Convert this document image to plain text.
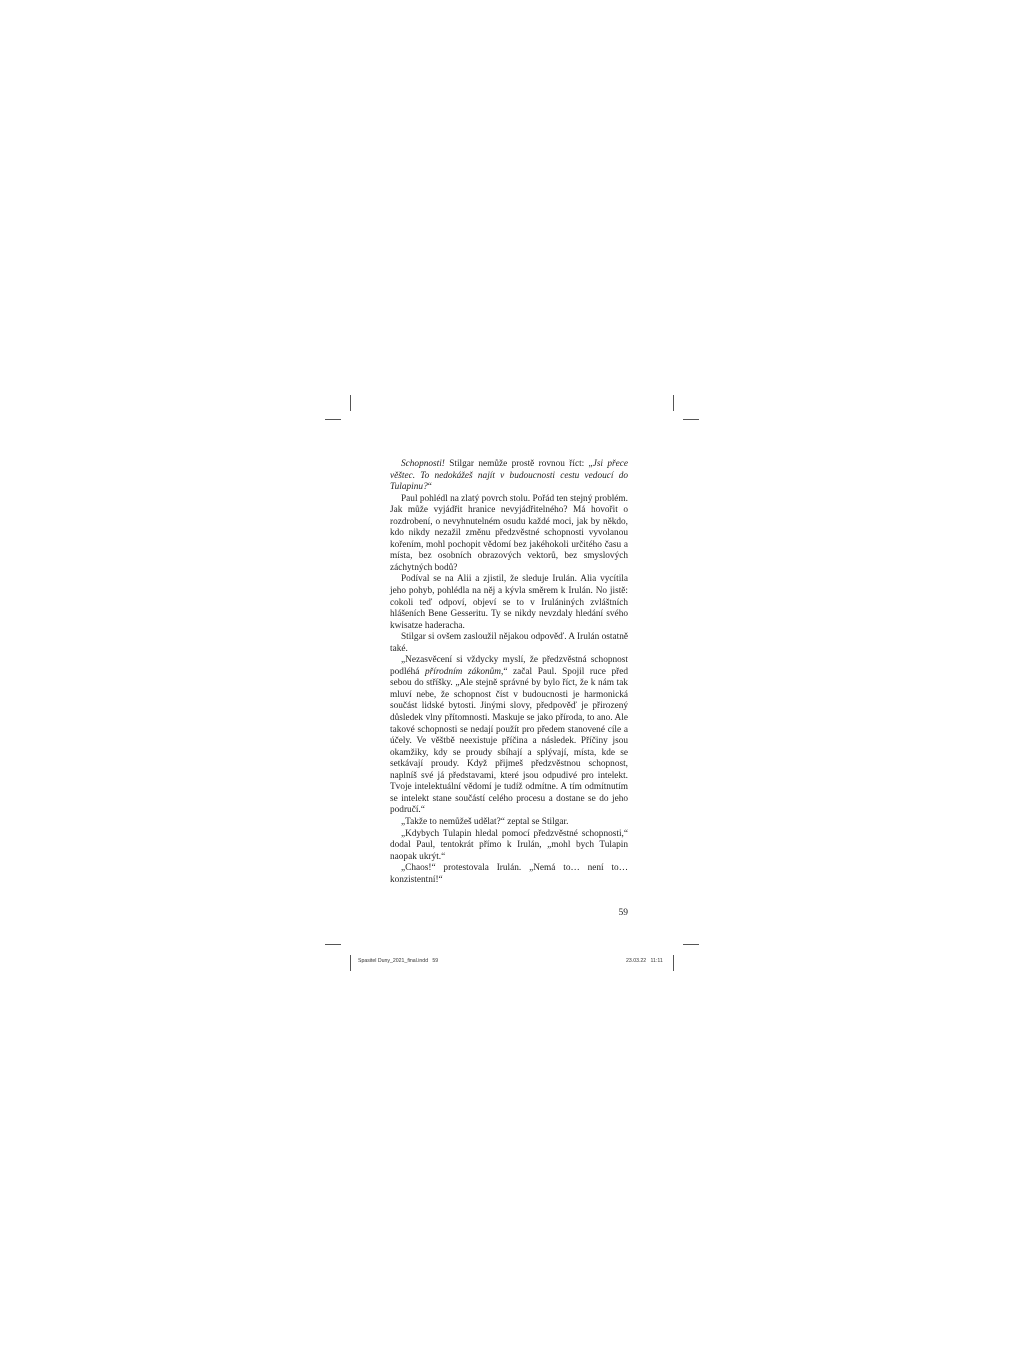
Schopnosti! Stilgar nemůže prostě rovnou říct: „Jsi přece věštec. To nedokážeš najít v budoucnosti cestu vedoucí do Tulapinu?“

Paul pohlédl na zlatý povrch stolu. Pořád ten stejný problém. Jak může vyjádřit hranice nevyjádřitelného? Má hovořit o rozdrobení, o nevyhnutelném osudu každé moci, jak by někdo, kdo nikdy nezažil změnu předzvěstné schopnosti vyvolanou kořením, mohl pochopit vědomí bez jakéhokoli určitého času a místa, bez osobních obrazových vektorů, bez smyslových záchytných bodů?

Podíval se na Alii a zjistil, že sleduje Irulán. Alia vycítila jeho pohyb, pohlédla na něj a kývla směrem k Irulán. No jistě: cokoli teď odpoví, objeví se to v Irulániných zvláštních hlášeních Bene Gesseritu. Ty se nikdy nevzdaly hledání svého kwisatze haderacha.

Stilgar si ovšem zasloužil nějakou odpověď. A Irulán ostatně také.

„Nezasvěcení si vždycky myslí, že předzvěstná schopnost podléhá přírodním zákonům,“ začal Paul. Spojil ruce před sebou do stříšky. „Ale stejně správné by bylo říct, že k nám tak mluví nebe, že schopnost číst v budoucnosti je harmonická součást lidské bytosti. Jinými slovy, předpověď je přirozený důsledek vlny přítomnosti. Maskuje se jako příroda, to ano. Ale takové schopnosti se nedají použít pro předem stanovené cíle a účely. Ve věštbě neexistuje příčina a následek. Příčiny jsou okamžiky, kdy se proudy sbíhají a splývají, místa, kde se setkávají proudy. Když přijmeš předzvěstnou schopnost, naplníš své já představami, které jsou odpudivé pro intelekt. Tvoje intelektuální vědomí je tudíž odmítne. A tím odmítnutím se intelekt stane součástí celého procesu a dostane se do jeho područí.“

„Takže to nemůžeš udělat?“ zeptal se Stilgar.

„Kdybych Tulapin hledal pomocí předzvěstné schopnosti,“ dodal Paul, tentokrát přímo k Irulán, „mohl bych Tulapin naopak ukrýt.“

„Chaos!“ protestovala Irulán. „Nemá to… není to… konzistentní!“

59
Spasitel Duny_2021_final.indd   59	23.03.22   11:11
